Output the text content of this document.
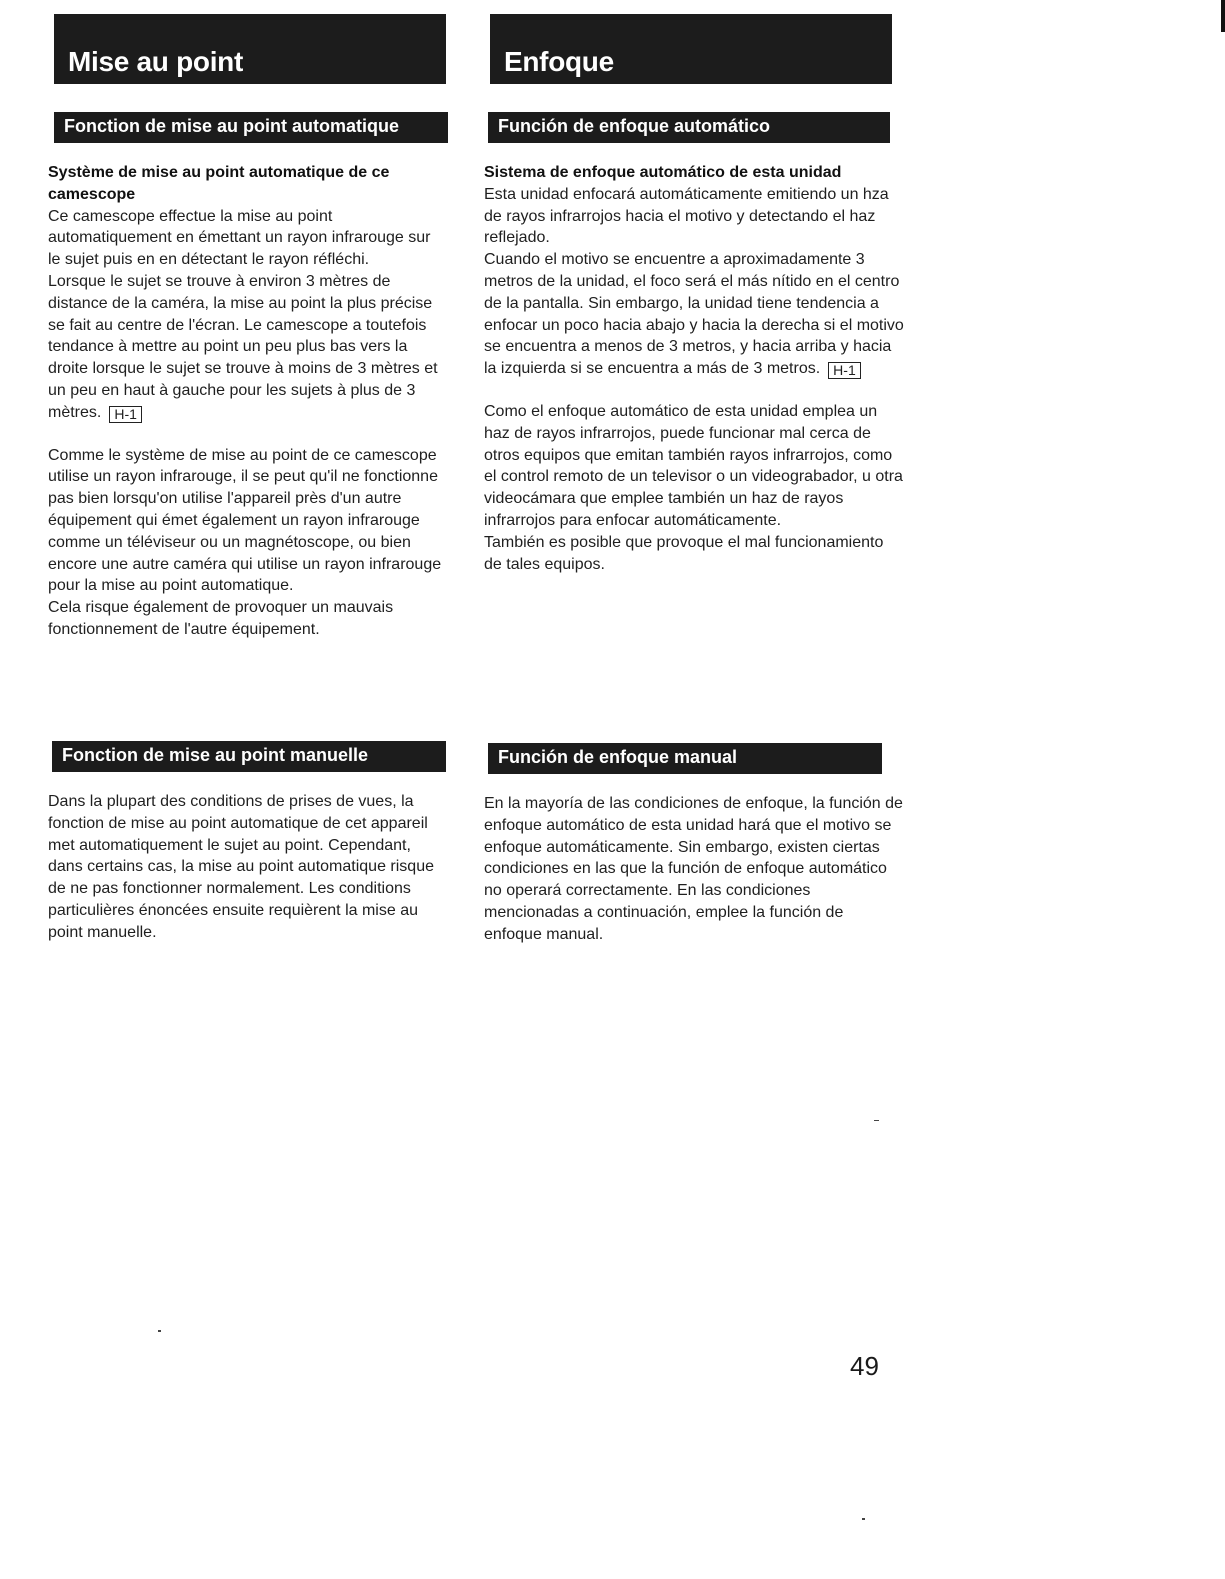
Mise au point
Fonction de mise au point automatique

Système de mise au point automatique de ce camescope

Ce camescope effectue la mise au point automatiquement en émettant un rayon infrarouge sur le sujet puis en en détectant le rayon réfléchi.

Lorsque le sujet se trouve à environ 3 mètres de distance de la caméra, la mise au point la plus précise se fait au centre de l'écran. Le camescope a toutefois tendance à mettre au point un peu plus bas vers la droite lorsque le sujet se trouve à moins de 3 mètres et un peu en haut à gauche pour les sujets à plus de 3 mètres. H-1

Comme le système de mise au point de ce camescope utilise un rayon infrarouge, il se peut qu'il ne fonctionne pas bien lorsqu'on utilise l'appareil près d'un autre équipement qui émet également un rayon infrarouge comme un téléviseur ou un magnétoscope, ou bien encore une autre caméra qui utilise un rayon infrarouge pour la mise au point automatique.

Cela risque également de provoquer un mauvais fonctionnement de l'autre équipement.

Fonction de mise au point manuelle

Dans la plupart des conditions de prises de vues, la fonction de mise au point automatique de cet appareil met automatiquement le sujet au point. Cependant, dans certains cas, la mise au point automatique risque de ne pas fonctionner normalement. Les conditions particulières énoncées ensuite requièrent la mise au point manuelle.

Enfoque
Función de enfoque automático

Sistema de enfoque automático de esta unidad

Esta unidad enfocará automáticamente emitiendo un hza de rayos infrarrojos hacia el motivo y detectando el haz reflejado.

Cuando el motivo se encuentre a aproximadamente 3 metros de la unidad, el foco será el más nítido en el centro de la pantalla. Sin embargo, la unidad tiene tendencia a enfocar un poco hacia abajo y hacia la derecha si el motivo se encuentra a menos de 3 metros, y hacia arriba y hacia la izquierda si se encuentra a más de 3 metros. H-1

Como el enfoque automático de esta unidad emplea un haz de rayos infrarrojos, puede funcionar mal cerca de otros equipos que emitan también rayos infrarrojos, como el control remoto de un televisor o un videograbador, u otra videocámara que emplee también un haz de rayos infrarrojos para enfocar automáticamente.

También es posible que provoque el mal funcionamiento de tales equipos.

Función de enfoque manual

En la mayoría de las condiciones de enfoque, la función de enfoque automático de esta unidad hará que el motivo se enfoque automáticamente. Sin embargo, existen ciertas condiciones en las que la función de enfoque automático no operará correctamente. En las condiciones mencionadas a continuación, emplee la función de enfoque manual.

49
